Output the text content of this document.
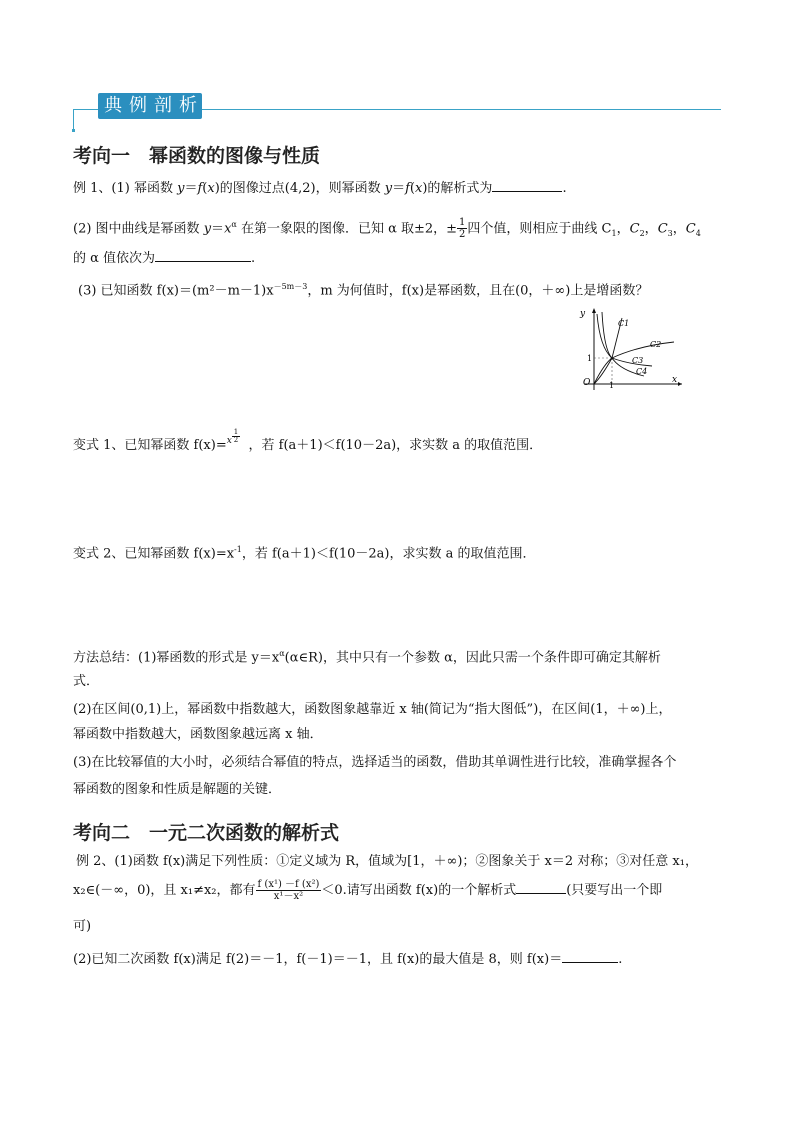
典 例 剖 析
考向一　幂函数的图像与性质
例 1、(1) 幂函数 y＝f(x)的图像过点(4,2)，则幂函数 y＝f(x)的解析式为	.
(2) 图中曲线是幂函数 $y=x^\alpha$ 在第一象限的图像．已知 α 取±2，± $\frac{1}{2}$ 四个值，则相应于曲线 $C_1$，$C_2$，$C_3$，$C_4$
的 α 值依次为	.
(3) 已知函数 $f(x)=(m^2-m-1)x^{-5m-3}$，m 为何值时，f(x)是幂函数，且在(0，＋∞)上是增函数？
y
x
O 1
1
C1
C2
C3
C4
变式 1、已知幂函数 $f(x)=^x \frac{1}{2}$
，若 f(a＋1)＜f(10－2a)，求实数 a 的取值范围．
变式 2、已知幂函数 $f(x)=x^{-1}$，若 f(a＋1)＜f(10－2a)，求实数 a 的取值范围．
方法总结：(1)幂函数的形式是 $y=x^\alpha(\alpha\in R)$，其中只有一个参数 α，因此只需一个条件即可确定其解析
式．
(2)在区间(0,1)上，幂函数中指数越大，函数图象越靠近 x 轴(简记为“指大图低”)，在区间(1，＋∞)上，
幂函数中指数越大，函数图象越远离 x 轴．
(3)在比较幂值的大小时，必须结合幂值的特点，选择适当的函数，借助其单调性进行比较，准确掌握各个
幂函数的图象和性质是解题的关键．
考向二　一元二次函数的解析式
例 2、(1)函数 f(x)满足下列性质：①定义域为 R，值域为[1，＋∞)；②图象关于 x＝2 对称；③对任意 x₁，
x₂∈(－∞，0)，且 x₁≠x₂，都有 $\frac{\text{f (x¹) －f (x²)}}{\text{x¹－x²}} <0$.请写出函数 f(x)的一个解析式	(只要写出一个即
可)
(2)已知二次函数 f(x)满足 f(2)＝－1，f(－1)＝－1，且 f(x)的最大值是 8，则 f(x)＝	.
